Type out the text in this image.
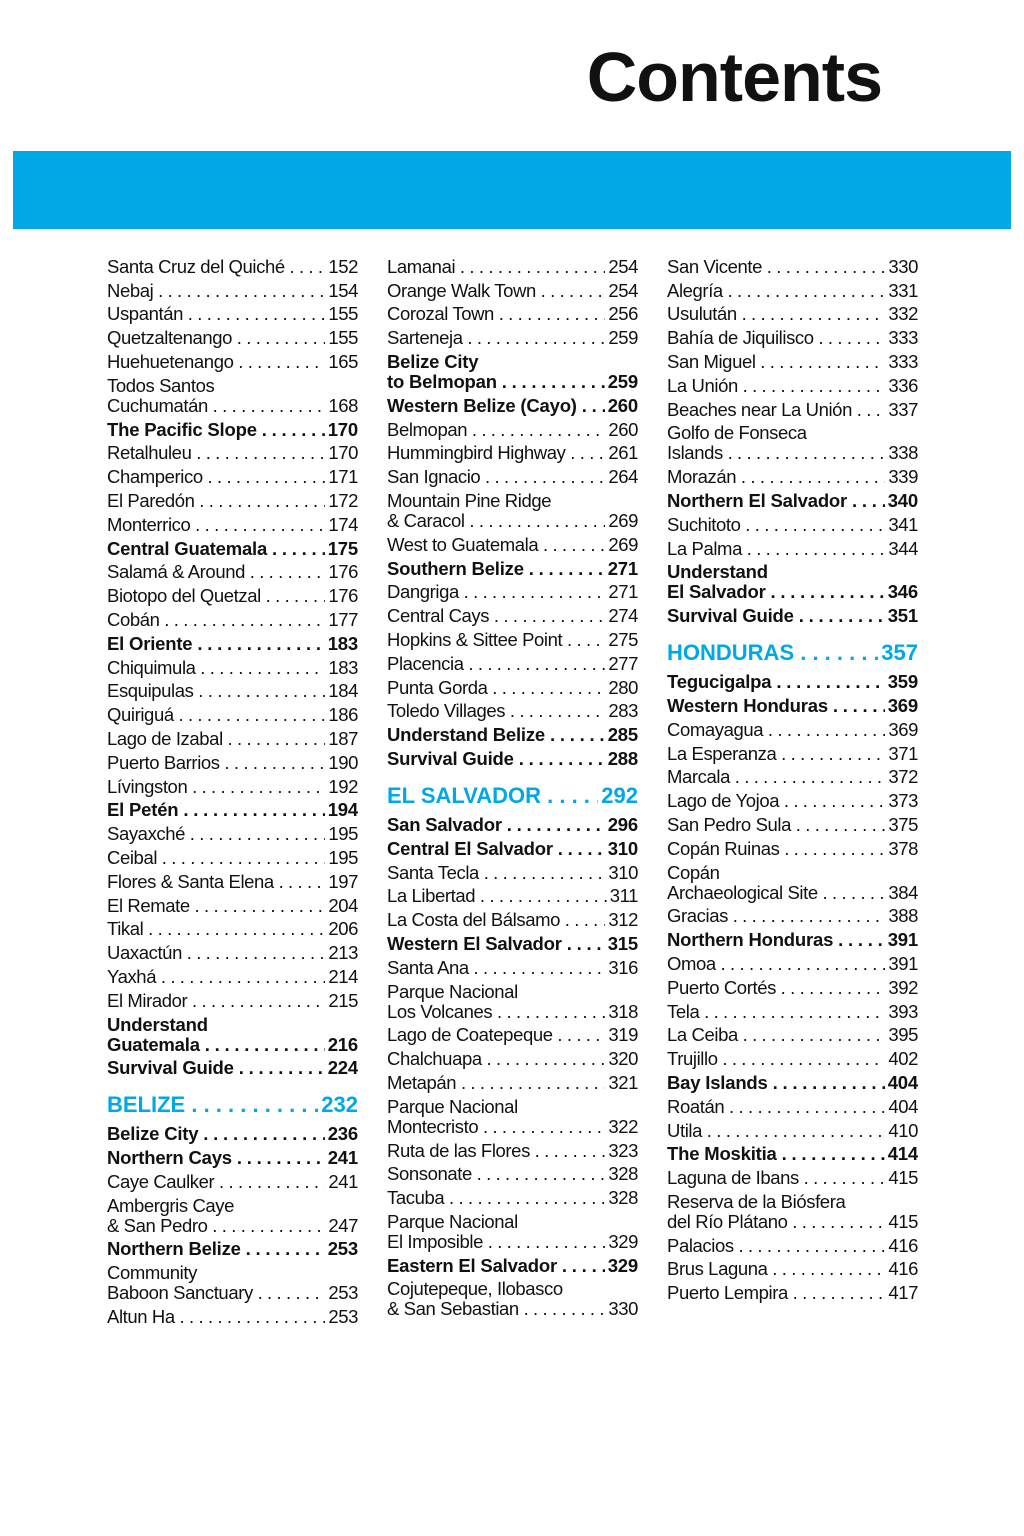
Contents
Santa Cruz del Quiché . . . 152
Nebaj . . .	154
Uspantán . . .	155
Quetzaltenango . . .	155
Huehuetenango . . .	165
Todos Santos
Cuchumatán . . .	168
The Pacific Slope . . .	170
Retalhuleu . . .	170
Champerico . . .	171
El Paredón . . .	172
Monterrico . . .	174
Central Guatemala . . .	175
Salamá & Around . . .	176
Biotopo del Quetzal . . .	176
Cobán . . .	177
El Oriente . . .	183
Chiquimula . . .	183
Esquipulas . . .	184
Quiriguá . . .	186
Lago de Izabal . . .	187
Puerto Barrios . . .	190
Lívingston . . .	192
El Petén . . .	194
Sayaxché . . .	195
Ceibal . . .	195
Flores & Santa Elena . . .	197
El Remate . . .	204
Tikal . . .	206
Uaxactún . . .	213
Yaxhá . . .	214
El Mirador . . .	215
Understand
Guatemala . . .	216
Survival Guide . . .	224
BELIZE . . .	232
Belize City . . .	236
Northern Cays . . .	241
Caye Caulker . . .	241
Ambergris Caye
& San Pedro . . .	247
Northern Belize . . .	253
Community
Baboon Sanctuary . . .	253
Altun Ha . . .	253
Lamanai . . .	254
Orange Walk Town . . .	254
Corozal Town . . .	256
Sarteneja . . .	259
Belize City
to Belmopan . . .	259
Western Belize (Cayo) . . . 260
Belmopan . . .	260
Hummingbird Highway . . . 261
San Ignacio . . .	264
Mountain Pine Ridge
& Caracol . . .	269
West to Guatemala . . .	269
Southern Belize . . .	271
Dangriga . . .	271
Central Cays . . .	274
Hopkins & Sittee Point . . . 275
Placencia . . .	277
Punta Gorda . . .	280
Toledo Villages . . .	283
Understand Belize . . .	285
Survival Guide . . .	288
EL SALVADOR . . .	292
San Salvador . . .	296
Central El Salvador . . .	310
Santa Tecla . . .	310
La Libertad . . .	311
La Costa del Bálsamo . . .	312
Western El Salvador . . . 315
Santa Ana . . .	316
Parque Nacional
Los Volcanes . . .	318
Lago de Coatepeque . . .	319
Chalchuapa . . .	320
Metapán . . .	321
Parque Nacional
Montecristo . . .	322
Ruta de las Flores . . .	323
Sonsonate . . .	328
Tacuba . . .	328
Parque Nacional
El Imposible . . .	329
Eastern El Salvador . . .	329
Cojutepeque, Ilobasco
& San Sebastian . . .	330
San Vicente . . .	330
Alegría . . .	331
Usulután . . .	332
Bahía de Jiquilisco . . .	333
San Miguel . . .	333
La Unión . . .	336
Beaches near La Unión . . . 337
Golfo de Fonseca
Islands . . .	338
Morazán . . .	339
Northern El Salvador . . . 340
Suchitoto . . .	341
La Palma . . .	344
Understand
El Salvador . . .	346
Survival Guide . . .	351
HONDURAS . . .	357
Tegucigalpa . . .	359
Western Honduras . . .	369
Comayagua . . .	369
La Esperanza . . .	371
Marcala . . .	372
Lago de Yojoa . . .	373
San Pedro Sula . . .	375
Copán Ruinas . . .	378
Copán
Archaeological Site . . .	384
Gracias . . .	388
Northern Honduras . . .	391
Omoa . . .	391
Puerto Cortés . . .	392
Tela . . .	393
La Ceiba . . .	395
Trujillo . . .	402
Bay Islands . . .	404
Roatán . . .	404
Utila . . .	410
The Moskitia . . .	414
Laguna de Ibans . . .	415
Reserva de la Biósfera
del Río Plátano . . .	415
Palacios . . .	416
Brus Laguna . . .	416
Puerto Lempira . . .	417
